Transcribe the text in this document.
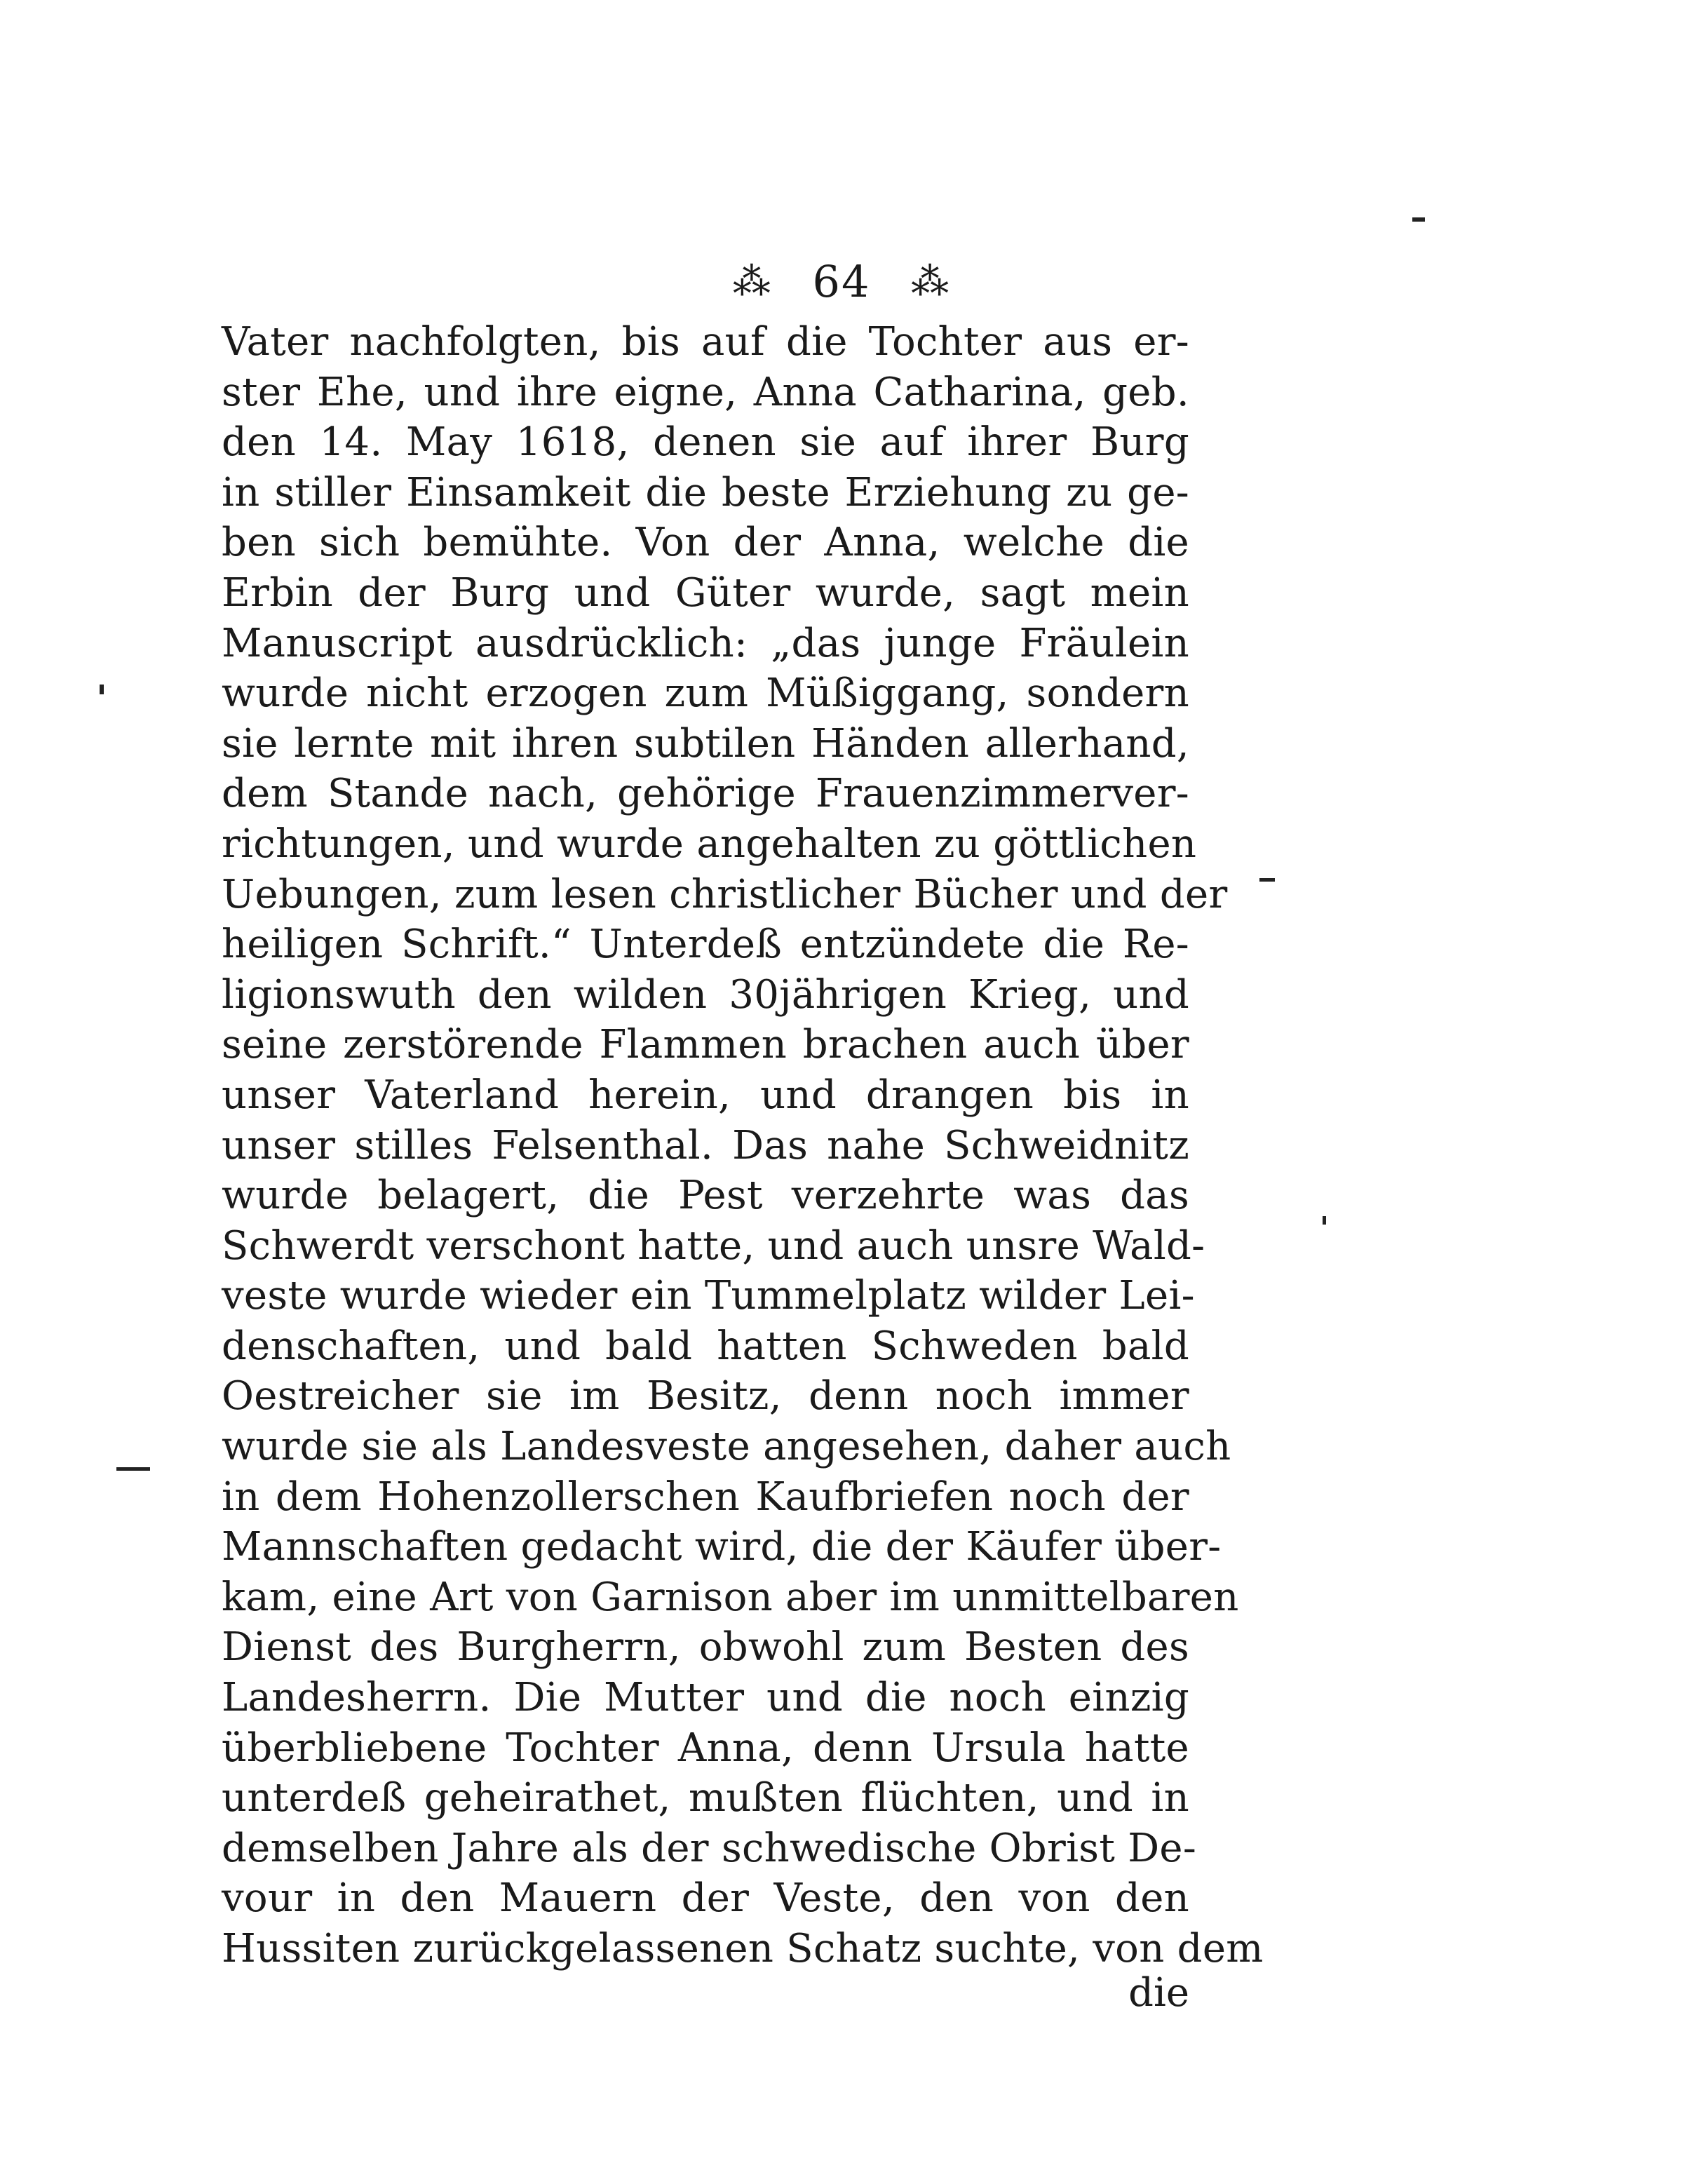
⁂ 64 ⁂
Vater nachfolgten, bis auf die Tochter aus er-
ster Ehe, und ihre eigne, Anna Catharina, geb.
den 14. May 1618, denen sie auf ihrer Burg
in stiller Einsamkeit die beste Erziehung zu ge-
ben sich bemühte. Von der Anna, welche die
Erbin der Burg und Güter wurde, sagt mein
Manuscript ausdrücklich: „das junge Fräulein
wurde nicht erzogen zum Müßiggang, sondern
sie lernte mit ihren subtilen Händen allerhand,
dem Stande nach, gehörige Frauenzimmerver-
richtungen, und wurde angehalten zu göttlichen
Uebungen, zum lesen christlicher Bücher und der
heiligen Schrift.“ Unterdeß entzündete die Re-
ligionswuth den wilden 30jährigen Krieg, und
seine zerstörende Flammen brachen auch über
unser Vaterland herein, und drangen bis in
unser stilles Felsenthal. Das nahe Schweidnitz
wurde belagert, die Pest verzehrte was das
Schwerdt verschont hatte, und auch unsre Wald-
veste wurde wieder ein Tummelplatz wilder Lei-
denschaften, und bald hatten Schweden bald
Oestreicher sie im Besitz, denn noch immer
wurde sie als Landesveste angesehen, daher auch
in dem Hohenzollerschen Kaufbriefen noch der
Mannschaften gedacht wird, die der Käufer über-
kam, eine Art von Garnison aber im unmittelbaren
Dienst des Burgherrn, obwohl zum Besten des
Landesherrn. Die Mutter und die noch einzig
überbliebene Tochter Anna, denn Ursula hatte
unterdeß geheirathet, mußten flüchten, und in
demselben Jahre als der schwedische Obrist De-
vour in den Mauern der Veste, den von den
Hussiten zurückgelassenen Schatz suchte, von dem
die
